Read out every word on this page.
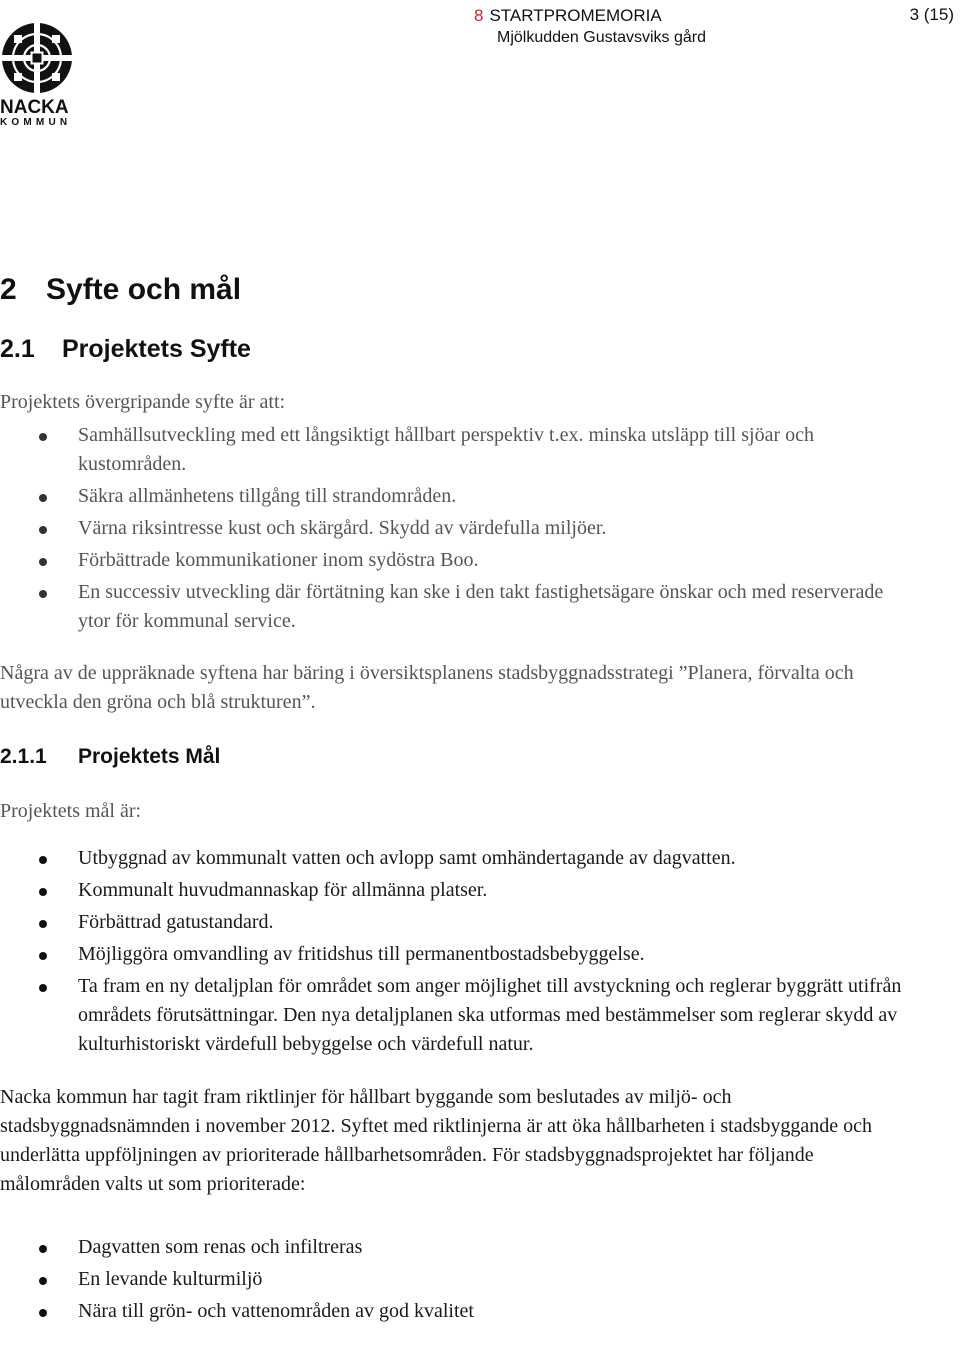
NACKA
KOMMUN
8 STARTPROMEMORIA
Mjölkudden Gustavsviks gård
3 (15)
2 Syfte och mål
2.1 Projektets Syfte

Projektets övergripande syfte är att:

Samhällsutveckling med ett långsiktigt hållbart perspektiv t.ex. minska utsläpp till sjöar och kustområden.
Säkra allmänhetens tillgång till strandområden.
Värna riksintresse kust och skärgård. Skydd av värdefulla miljöer.
Förbättrade kommunikationer inom sydöstra Boo.
En successiv utveckling där förtätning kan ske i den takt fastighetsägare önskar och med reserverade ytor för kommunal service.

Några av de uppräknade syftena har bäring i översiktsplanens stadsbyggnadsstrategi ”Planera, förvalta och utveckla den gröna och blå strukturen”.

2.1.1 Projektets Mål

Projektets mål är:

Utbyggnad av kommunalt vatten och avlopp samt omhändertagande av dagvatten.
Kommunalt huvudmannaskap för allmänna platser.
Förbättrad gatustandard.
Möjliggöra omvandling av fritidshus till permanentbostadsbebyggelse.
Ta fram en ny detaljplan för området som anger möjlighet till avstyckning och reglerar byggrätt utifrån områdets förutsättningar. Den nya detaljplanen ska utformas med bestämmelser som reglerar skydd av kulturhistoriskt värdefull bebyggelse och värdefull natur.

Nacka kommun har tagit fram riktlinjer för hållbart byggande som beslutades av miljö- och stadsbyggnadsnämnden i november 2012. Syftet med riktlinjerna är att öka hållbarheten i stadsbyggande och underlätta uppföljningen av prioriterade hållbarhetsområden. För stadsbyggnadsprojektet har följande målområden valts ut som prioriterade:

Dagvatten som renas och infiltreras
En levande kulturmiljö
Nära till grön- och vattenområden av god kvalitet
